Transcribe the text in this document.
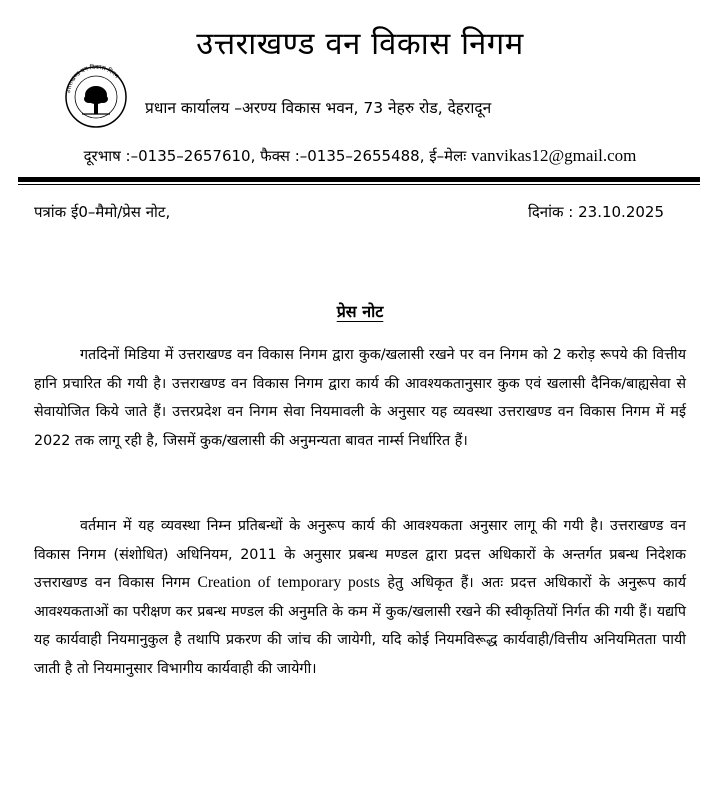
उत्तराखण्ड वन विकास निगम
उत्तराखण्ड वन विकास निगम
प्रधान कार्यालय –अरण्य विकास भवन, 73 नेहरु रोड, देहरादून
दूरभाष :–0135–2657610, फैक्स :–0135–2655488, ई–मेलः vanvikas12@gmail.com
पत्रांक ई0–मैमो/प्रेस नोट,	दिनांक : 23.10.2025
प्रेस नोट

गतदिनों मिडिया में उत्तराखण्ड वन विकास निगम द्वारा कुक/खलासी रखने पर वन निगम को 2 करोड़ रूपये की वित्तीय हानि प्रचारित की गयी है। उत्तराखण्ड वन विकास निगम द्वारा कार्य की आवश्यकतानुसार कुक एवं खलासी दैनिक/बाह्यसेवा से सेवायोजित किये जाते हैं। उत्तरप्रदेश वन निगम सेवा नियमावली के अनुसार यह व्यवस्था उत्तराखण्ड वन विकास निगम में मई 2022 तक लागू रही है, जिसमें कुक/खलासी की अनुमन्यता बावत नार्म्स निर्धारित हैं।

वर्तमान में यह व्यवस्था निम्न प्रतिबन्धों के अनुरूप कार्य की आवश्यकता अनुसार लागू की गयी है। उत्तराखण्ड वन विकास निगम (संशोधित) अधिनियम, 2011 के अनुसार प्रबन्ध मण्डल द्वारा प्रदत्त अधिकारों के अन्तर्गत प्रबन्ध निदेशक उत्तराखण्ड वन विकास निगम Creation of temporary posts हेतु अधिकृत हैं। अतः प्रदत्त अधिकारों के अनुरूप कार्य आवश्यकताओं का परीक्षण कर प्रबन्ध मण्डल की अनुमति के कम में कुक/खलासी रखने की स्वीकृतियों निर्गत की गयी हैं। यद्यपि यह कार्यवाही नियमानुकुल है तथापि प्रकरण की जांच की जायेगी, यदि कोई नियमविरूद्ध कार्यवाही/वित्तीय अनियमितता पायी जाती है तो नियमानुसार विभागीय कार्यवाही की जायेगी।
